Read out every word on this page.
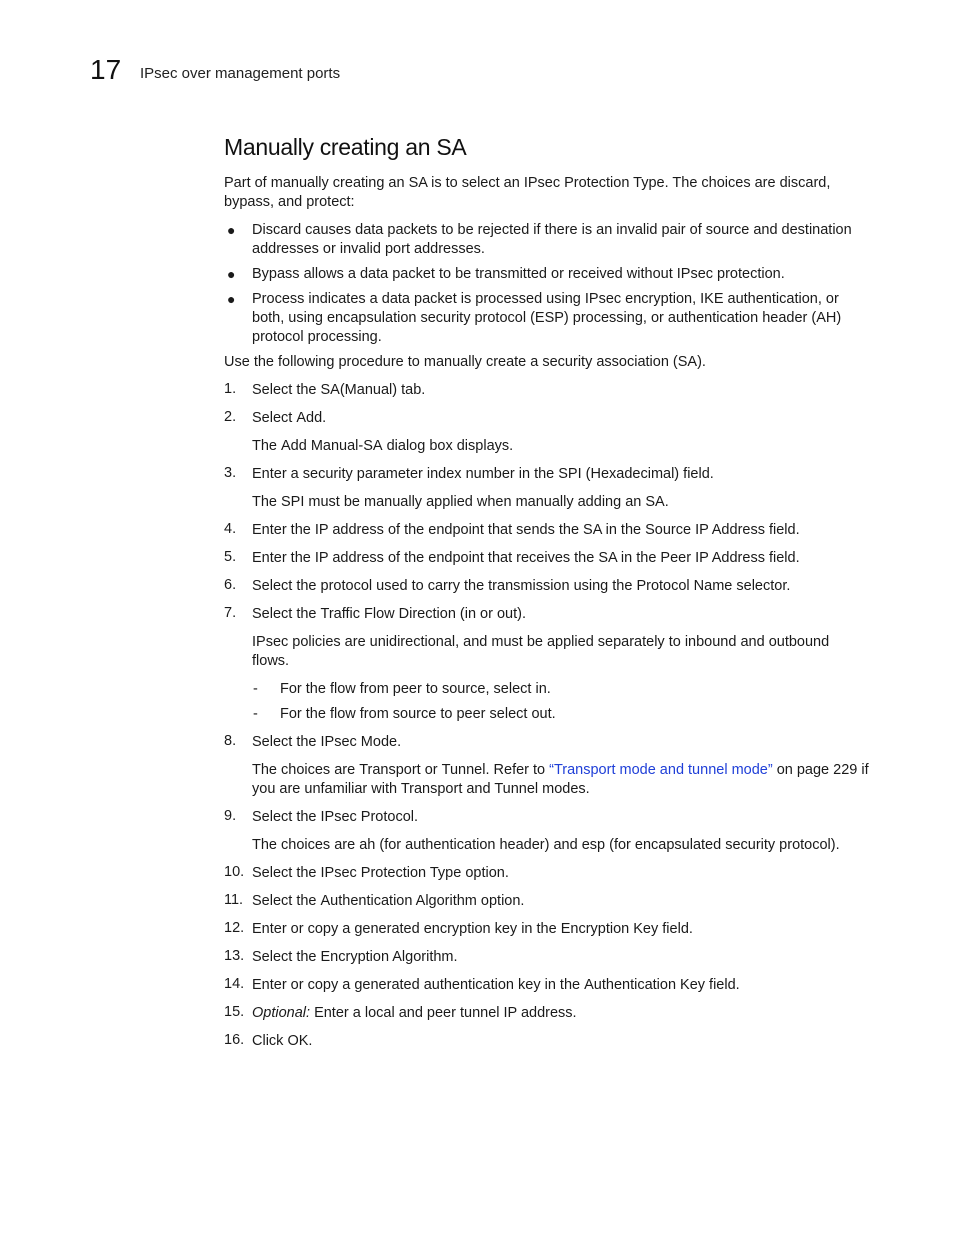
17 IPsec over management ports
Manually creating an SA

Part of manually creating an SA is to select an IPsec Protection Type. The choices are discard, bypass, and protect:

● Discard causes data packets to be rejected if there is an invalid pair of source and destination addresses or invalid port addresses.
● Bypass allows a data packet to be transmitted or received without IPsec protection.
● Process indicates a data packet is processed using IPsec encryption, IKE authentication, or both, using encapsulation security protocol (ESP) processing, or authentication header (AH) protocol processing.

Use the following procedure to manually create a security association (SA).

1. Select the SA(Manual) tab.
2. Select Add.
The Add Manual-SA dialog box displays.
3. Enter a security parameter index number in the SPI (Hexadecimal) field.
The SPI must be manually applied when manually adding an SA.
4. Enter the IP address of the endpoint that sends the SA in the Source IP Address field.
5. Enter the IP address of the endpoint that receives the SA in the Peer IP Address field.
6. Select the protocol used to carry the transmission using the Protocol Name selector.
7. Select the Traffic Flow Direction (in or out).
IPsec policies are unidirectional, and must be applied separately to inbound and outbound flows.
- For the flow from peer to source, select in.
- For the flow from source to peer select out.
8. Select the IPsec Mode.
The choices are Transport or Tunnel. Refer to “Transport mode and tunnel mode” on page 229 if you are unfamiliar with Transport and Tunnel modes.
9. Select the IPsec Protocol.
The choices are ah (for authentication header) and esp (for encapsulated security protocol).
10. Select the IPsec Protection Type option.
11. Select the Authentication Algorithm option.
12. Enter or copy a generated encryption key in the Encryption Key field.
13. Select the Encryption Algorithm.
14. Enter or copy a generated authentication key in the Authentication Key field.
15. Optional: Enter a local and peer tunnel IP address.
16. Click OK.
